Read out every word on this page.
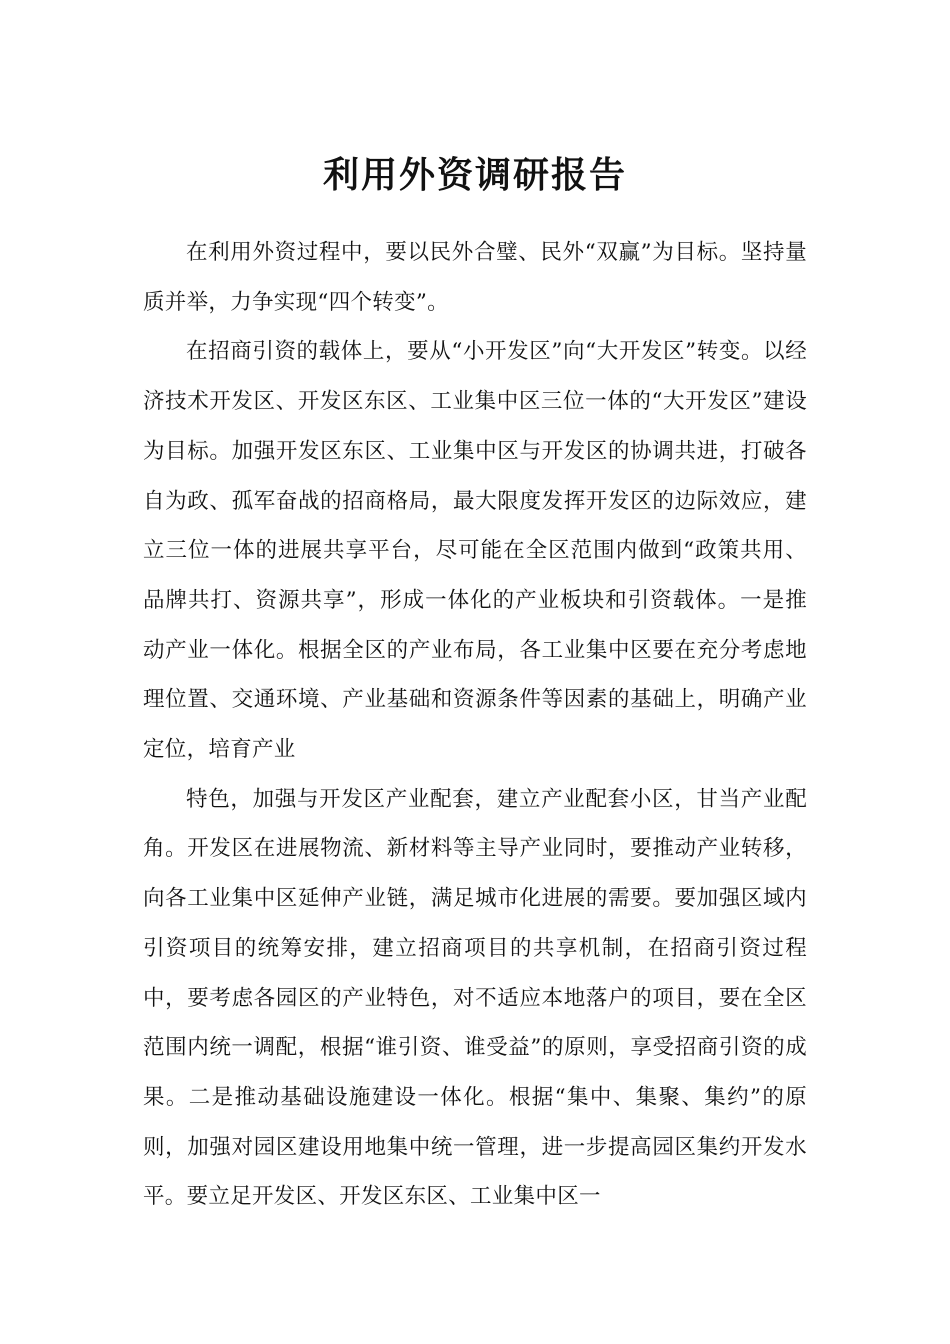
利用外资调研报告

在利用外资过程中，要以民外合璧、民外“双赢”为目标。坚持量质并举，力争实现“四个转变”。

在招商引资的载体上，要从“小开发区”向“大开发区”转变。以经济技术开发区、开发区东区、工业集中区三位一体的“大开发区”建设为目标。加强开发区东区、工业集中区与开发区的协调共进，打破各自为政、孤军奋战的招商格局，最大限度发挥开发区的边际效应，建立三位一体的进展共享平台，尽可能在全区范围内做到“政策共用、品牌共打、资源共享”，形成一体化的产业板块和引资载体。一是推动产业一体化。根据全区的产业布局，各工业集中区要在充分考虑地理位置、交通环境、产业基础和资源条件等因素的基础上，明确产业定位，培育产业

特色，加强与开发区产业配套，建立产业配套小区，甘当产业配角。开发区在进展物流、新材料等主导产业同时，要推动产业转移，向各工业集中区延伸产业链，满足城市化进展的需要。要加强区域内引资项目的统筹安排，建立招商项目的共享机制，在招商引资过程中，要考虑各园区的产业特色，对不适应本地落户的项目，要在全区范围内统一调配，根据“谁引资、谁受益”的原则，享受招商引资的成果。二是推动基础设施建设一体化。根据“集中、集聚、集约”的原则，加强对园区建设用地集中统一管理，进一步提高园区集约开发水平。要立足开发区、开发区东区、工业集中区一
